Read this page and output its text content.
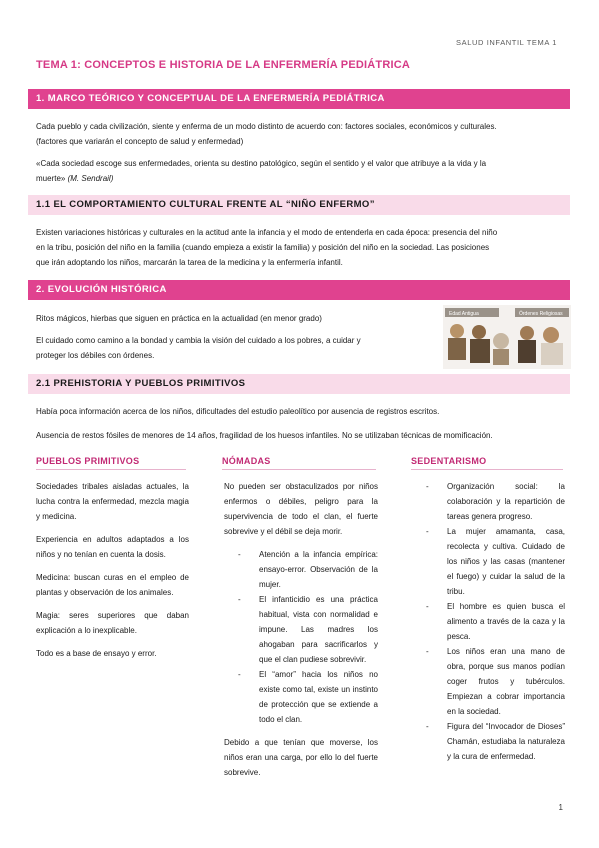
SALUD INFANTIL TEMA 1
TEMA 1: CONCEPTOS E HISTORIA DE LA ENFERMERÍA PEDIÁTRICA
1. MARCO TEÓRICO Y CONCEPTUAL DE LA ENFERMERÍA PEDIÁTRICA
Cada pueblo y cada civilización, siente y enferma de un modo distinto de acuerdo con: factores sociales, económicos y culturales.
(factores que variarán el concepto de salud y enfermedad)
«Cada sociedad escoge sus enfermedades, orienta su destino patológico, según el sentido y el valor que atribuye a la vida y la
muerte» (M. Sendrail)
1.1 EL COMPORTAMIENTO CULTURAL FRENTE AL “NIÑO ENFERMO”
Existen variaciones históricas y culturales en la actitud ante la infancia y el modo de entenderla en cada época: presencia del niño
en la tribu, posición del niño en la familia (cuando empieza a existir la familia) y posición del niño en la sociedad. Las posiciones
que irán adoptando los niños, marcarán la tarea de la medicina y la enfermería infantil.
2. EVOLUCIÓN HISTÓRICA
Ritos mágicos, hierbas que siguen en práctica en la actualidad (en menor grado)
El cuidado como camino a la bondad y cambia la visión del cuidado a los pobres, a cuidar y
proteger los débiles con órdenes.
Edad Antigua	Órdenes Religiosas
2.1 PREHISTORIA Y PUEBLOS PRIMITIVOS
Había poca información acerca de los niños, dificultades del estudio paleolítico por ausencia de registros escritos.
Ausencia de restos fósiles de menores de 14 años, fragilidad de los huesos infantiles. No se utilizaban técnicas de momificación.
PUEBLOS PRIMITIVOS

Sociedades tribales aisladas actuales, la lucha contra la enfermedad, mezcla magia y medicina.

Experiencia en adultos adaptados a los niños y no tenían en cuenta la dosis.

Medicina: buscan curas en el empleo de plantas y observación de los animales.

Magia: seres superiores que daban explicación a lo inexplicable.

Todo es a base de ensayo y error.

NÓMADAS

No pueden ser obstaculizados por niños enfermos o débiles, peligro para la supervivencia de todo el clan, el fuerte sobrevive y el débil se deja morir.

- Atención a la infancia empírica: ensayo-error. Observación de la mujer.
- El infanticidio es una práctica habitual, vista con normalidad e impune. Las madres los ahogaban para sacrificarlos y que el clan pudiese sobrevivir.
- El “amor” hacia los niños no existe como tal, existe un instinto de protección que se extiende a todo el clan.

Debido a que tenían que moverse, los niños eran una carga, por ello lo del fuerte sobrevive.

SEDENTARISMO
- Organización social: la colaboración y la repartición de tareas genera progreso.
- La mujer amamanta, casa, recolecta y cultiva. Cuidado de los niños y las casas (mantener el fuego) y cuidar la salud de la tribu.
- El hombre es quien busca el alimento a través de la caza y la pesca.
- Los niños eran una mano de obra, porque sus manos podían coger frutos y tubérculos. Empiezan a cobrar importancia en la sociedad.
- Figura del “Invocador de Dioses” Chamán, estudiaba la naturaleza y la cura de enfermedad.
1
